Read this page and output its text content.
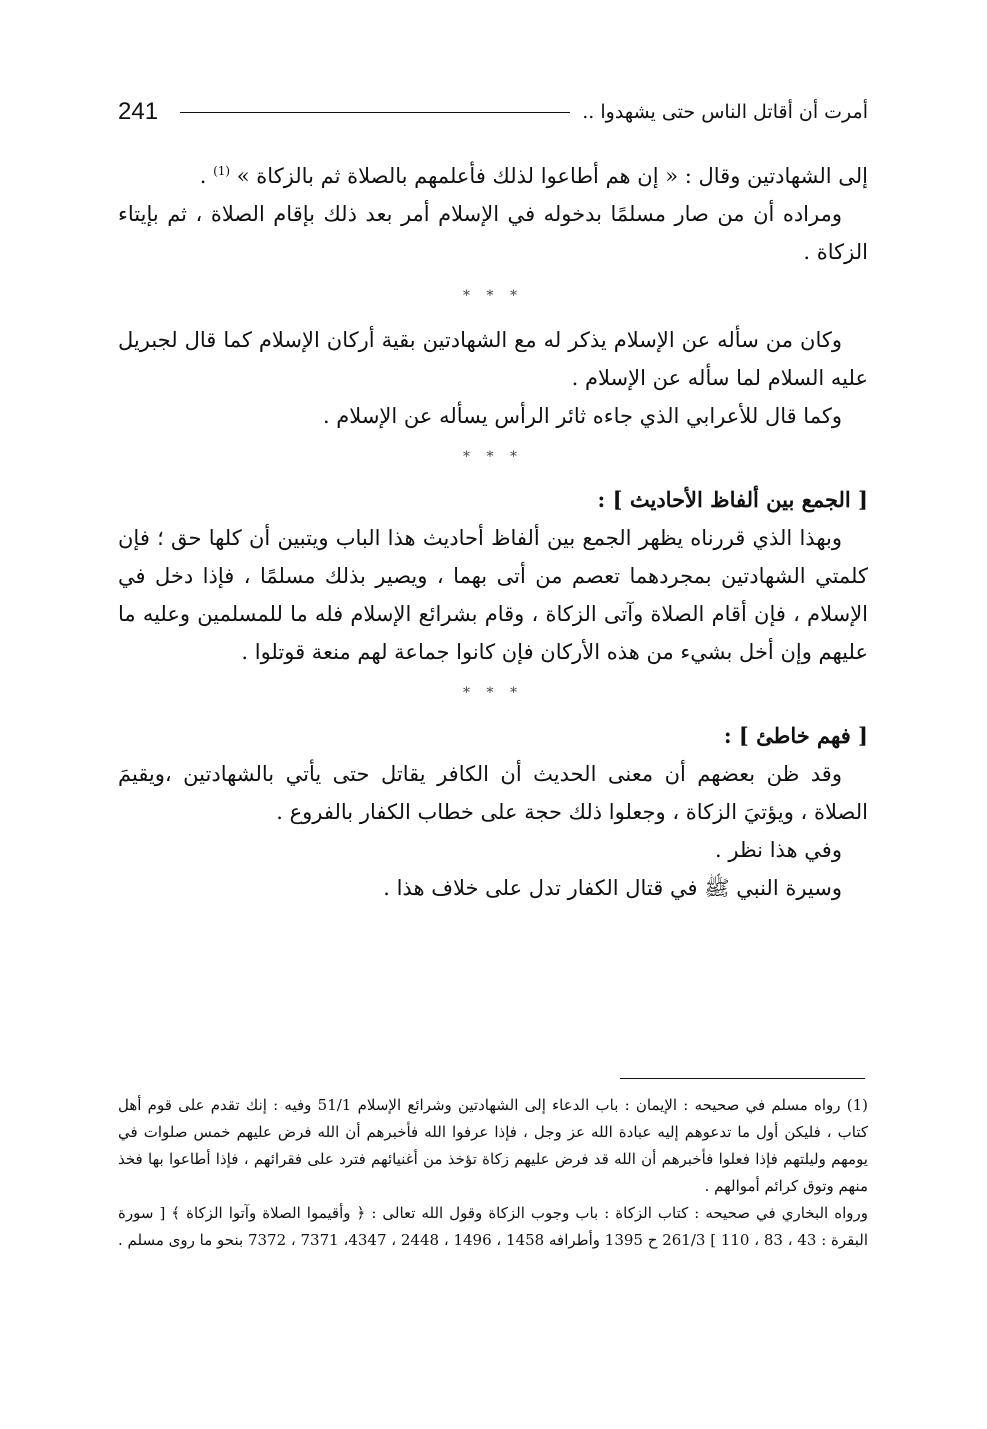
241	أمرت أن أقاتل الناس حتى يشهدوا ..

إلى الشهادتين وقال : « إن هم أطاعوا لذلك فأعلمهم بالصلاة ثم بالزكاة » $^{(1)}$ .

ومراده أن من صار مسلمًا بدخوله في الإسلام أمر بعد ذلك بإقام الصلاة ، ثم بإيتاء الزكاة .

* * *

وكان من سأله عن الإسلام يذكر له مع الشهادتين بقية أركان الإسلام كما قال لجبريل عليه السلام لما سأله عن الإسلام .

وكما قال للأعرابي الذي جاءه ثائر الرأس يسأله عن الإسلام .

* * *

[ الجمع بين ألفاظ الأحاديث ] :

وبهذا الذي قررناه يظهر الجمع بين ألفاظ أحاديث هذا الباب ويتبين أن كلها حق ؛ فإن كلمتي الشهادتين بمجردهما تعصم من أتى بهما ، ويصير بذلك مسلمًا ، فإذا دخل في الإسلام ، فإن أقام الصلاة وآتى الزكاة ، وقام بشرائع الإسلام فله ما للمسلمين وعليه ما عليهم وإن أخل بشيء من هذه الأركان فإن كانوا جماعة لهم منعة قوتلوا .

* * *

[ فهم خاطئ ] :

وقد ظن بعضهم أن معنى الحديث أن الكافر يقاتل حتى يأتي بالشهادتين ،ويقيمَ الصلاة ، ويؤتيَ الزكاة ، وجعلوا ذلك حجة على خطاب الكفار بالفروع .

وفي هذا نظر .

وسيرة النبي ﷺ في قتال الكفار تدل على خلاف هذا .

(1) رواه مسلم في صحيحه : الإيمان : باب الدعاء إلى الشهادتين وشرائع الإسلام 51/1 وفيه : إنك تقدم على قوم أهل كتاب ، فليكن أول ما تدعوهم إليه عبادة الله عز وجل ، فإذا عرفوا الله فأخبرهم أن الله فرض عليهم خمس صلوات في يومهم وليلتهم فإذا فعلوا فأخبرهم أن الله قد فرض عليهم زكاة تؤخذ من أغنيائهم فترد على فقرائهم ، فإذا أطاعوا بها فخذ منهم وتوق كرائم أموالهم .

ورواه البخاري في صحيحه : كتاب الزكاة : باب وجوب الزكاة وقول الله تعالى : ﴿ وأقيموا الصلاة وآتوا الزكاة ﴾ [ سورة البقرة : 43 ، 83 ، 110 ] 261/3 ح 1395 وأطرافه 1458 ، 1496 ، 2448 ، 4347، 7371 ، 7372 بنحو ما روى مسلم .
